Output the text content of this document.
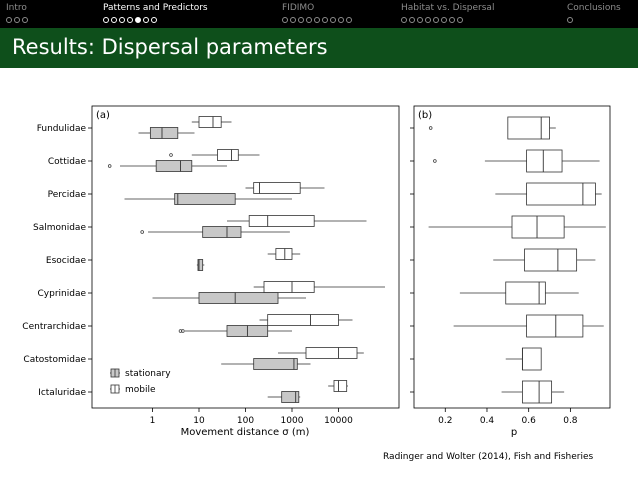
Intro	Patterns and Predictors	FIDIMO	Habitat vs. Dispersal	Conclusions
Results: Dispersal parameters
(a)
Fundulidae
Cottidae
Percidae
Salmonidae
Esocidae
Cyprinidae
Centrarchidae
Catostomidae
Ictaluridae
1	10	100	1000 10000
Movement distance σ (m)
stationary
mobile
(b)
0.2	0.4	0.6	0.8
p
Radinger and Wolter (2014), Fish and Fisheries
